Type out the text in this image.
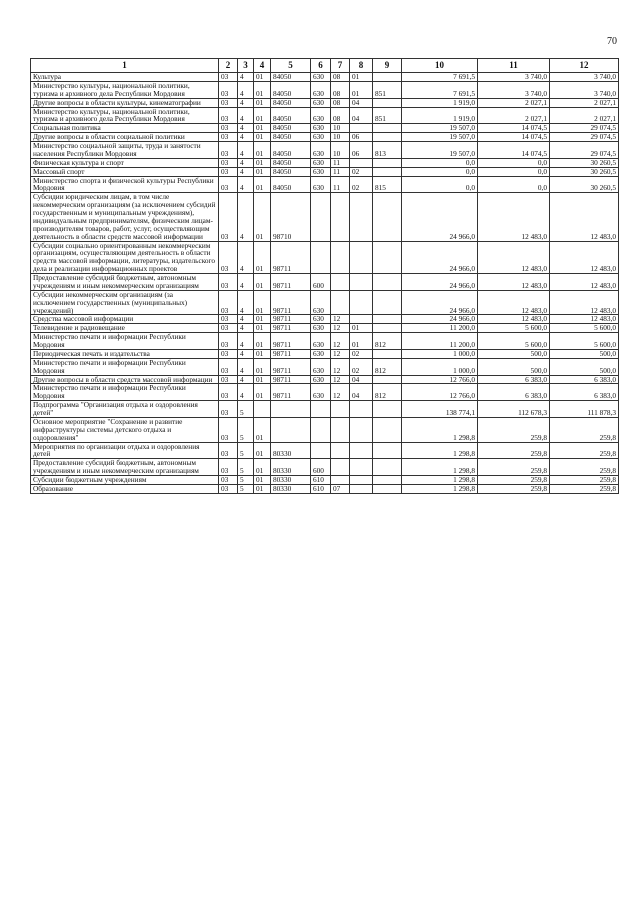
70
1	2	3	4	5	6	7	8	9	10	11	12
Культура	03	4	01	84050	630	08	01		7 691,5	3 740,0	3 740,0
Министерство культуры, национальной политики, туризма и архивного дела Республики Мордовия	03	4	01	84050	630	08	01	851	7 691,5	3 740,0	3 740,0
Другие вопросы в области культуры, кинематографии	03	4	01	84050	630	08	04		1 919,0	2 027,1	2 027,1
Министерство культуры, национальной политики, туризма и архивного дела Республики Мордовия	03	4	01	84050	630	08	04	851	1 919,0	2 027,1	2 027,1
Социальная политика	03	4	01	84050	630	10			19 507,0	14 074,5	29 074,5
Другие вопросы в области социальной политики	03	4	01	84050	630	10	06		19 507,0	14 074,5	29 074,5
Министерство социальной защиты, труда и занятости населения Республики Мордовия	03	4	01	84050	630	10	06	813	19 507,0	14 074,5	29 074,5
Физическая культура и спорт	03	4	01	84050	630	11			0,0	0,0	30 260,5
Массовый спорт	03	4	01	84050	630	11	02		0,0	0,0	30 260,5
Министерство спорта и физической культуры Республики Мордовия	03	4	01	84050	630	11	02	815	0,0	0,0	30 260,5
Субсидии юридическим лицам, в том числе некоммерческим организациям (за исключением субсидий государственным и муниципальным учреждениям), индивидуальным предпринимателям, физическим лицам- производителям товаров, работ, услуг, осуществляющим деятельность в области средств массовой информации	03	4	01	98710					24 966,0	12 483,0	12 483,0
Субсидии социально ориентированным некоммерческим организациям, осуществляющим деятельность в области средств массовой информации, литературы, издательского дела и реализации информационных проектов	03	4	01	98711					24 966,0	12 483,0	12 483,0
Предоставление субсидий бюджетным, автономным учреждениям и иным некоммерческим организациям	03	4	01	98711	600				24 966,0	12 483,0	12 483,0
Субсидии некоммерческим организациям (за исключением государственных (муниципальных) учреждений)	03	4	01	98711	630				24 966,0	12 483,0	12 483,0
Средства массовой информации	03	4	01	98711	630	12			24 966,0	12 483,0	12 483,0
Телевидение и радиовещание	03	4	01	98711	630	12	01		11 200,0	5 600,0	5 600,0
Министерство печати и информации Республики Мордовия	03	4	01	98711	630	12	01	812	11 200,0	5 600,0	5 600,0
Периодическая печать и издательства	03	4	01	98711	630	12	02		1 000,0	500,0	500,0
Министерство печати и информации Республики Мордовия	03	4	01	98711	630	12	02	812	1 000,0	500,0	500,0
Другие вопросы в области средств массовой информации	03	4	01	98711	630	12	04		12 766,0	6 383,0	6 383,0
Министерство печати и информации Республики Мордовия	03	4	01	98711	630	12	04	812	12 766,0	6 383,0	6 383,0
Подпрограмма "Организация отдыха и оздоровления детей"	03	5							138 774,1	112 678,3	111 878,3
Основное мероприятие "Сохранение и развитие инфраструктуры системы детского отдыха и оздоровления"	03	5	01						1 298,8	259,8	259,8
Мероприятия по организации отдыха и оздоровления детей	03	5	01	80330					1 298,8	259,8	259,8
Предоставление субсидий бюджетным, автономным учреждениям и иным некоммерческим организациям	03	5	01	80330	600				1 298,8	259,8	259,8
Субсидии бюджетным учреждениям	03	5	01	80330	610				1 298,8	259,8	259,8
Образование	03	5	01	80330	610	07			1 298,8	259,8	259,8
